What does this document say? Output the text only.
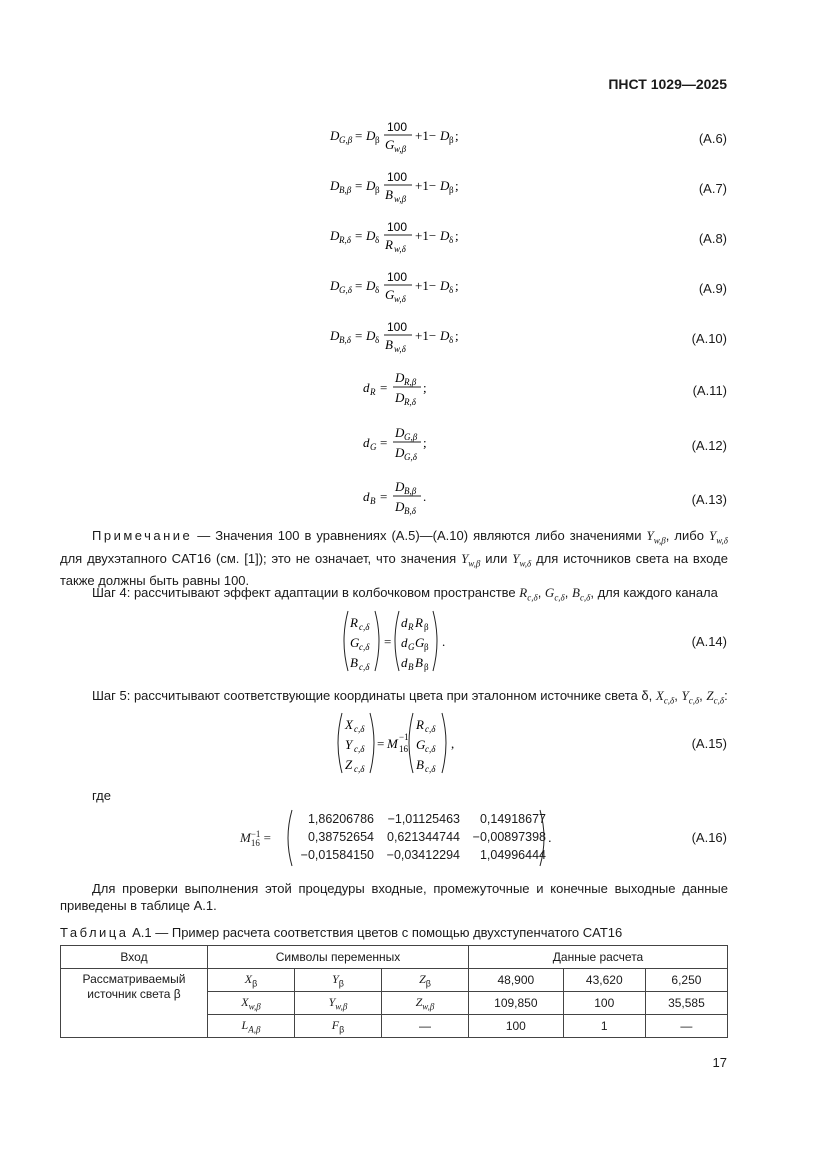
ПНСТ 1029—2025
D G,β = D β
100
G w,β
+1− D β ;	(A.6)
D B,β = D β
100
B w,β
+1− D β ;	(A.7)
D R,δ = D δ
100
R w,δ
+1− D δ ;	(A.8)
D G,δ = D δ
100
G w,δ
+1− D δ ;	(A.9)
D B,δ = D δ
100
B w,δ
+1− D δ ;	(A.10)
d R =
D R,β
D R,δ
;	(A.11)
d G =
D G,β
D G,δ
;	(A.12)
d B =
D B,β
D B,δ
.	(A.13)
Примечание — Значения 100 в уравнениях (А.5)—(А.10) являются либо значениями $Y_{w,\beta}$, либо $Y_{w,\delta}$ для двухэтапного CAT16 (см. [1]); это не означает, что значения $Y_{w,\beta}$ или $Y_{w,\delta}$ для источников света на входе также должны быть равны 100.
Шаг 4: рассчитывают эффект адаптации в колбочковом пространстве $R_{c,\delta}$, $G_{c,\delta}$, $B_{c,\delta}$, для каждого канала
R c,δ
G c,δ
B c,δ
=
d R R β
d G G β
d B B β
.	(A.14)
Шаг 5: рассчитывают соответствующие координаты цвета при эталонном источнике света δ, $X_{c,\delta}$, $Y_{c,\delta}$, $Z_{c,\delta}$:
X c,δ
Y c,δ
Z c,δ
= M −1
16
R c,δ
G c,δ
B c,δ
,	(A.15)
где
M−1
16 =
1,86206786	−1,01125463	0,14918677
0,38752654	0,621344744	−0,00897398
−0,01584150	−0,03412294	1,04996444
.	(A.16)
Для проверки выполнения этой процедуры входные, промежуточные и конечные выходные данные приведены в таблице А.1.
Таблица А.1 — Пример расчета соответствия цветов с помощью двухступенчатого CAT16
Вход	Символы переменных			Данные расчета		
Рассматриваемый источник света β	$X_\beta$	$Y_\beta$	$Z_\beta$	48,900	43,620	6,250
	$X_{w,\beta}$	$Y_{w,\beta}$	$Z_{w,\beta}$	109,850	100	35,585
	$L_{A,\beta}$	$F_\beta$	—	100	1	—
17
